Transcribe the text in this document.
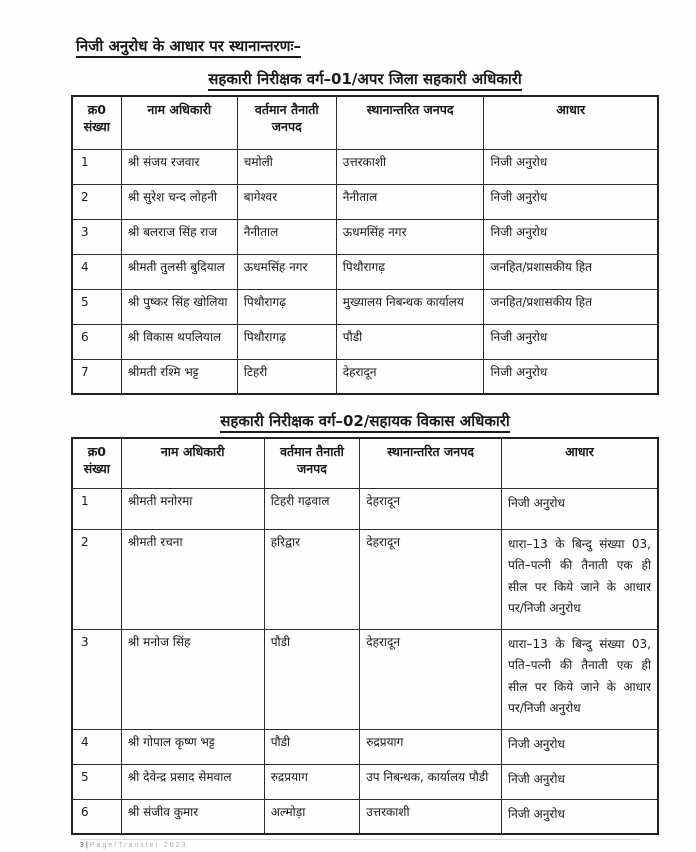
निजी अनुरोध के आधार पर स्थानान्तरणः–
सहकारी निरीक्षक वर्ग–01/अपर जिला सहकारी अधिकारी
क्र0 संख्या	नाम अधिकारी	वर्तमान तैनाती जनपद	स्थानान्तरित जनपद	आधार
1	श्री संजय रजवार	चमोली	उत्तरकाशी	निजी अनुरोध
2	श्री सुरेश चन्द लोहनी	बागेश्वर	नैनीताल	निजी अनुरोध
3	श्री बलराज सिंह राज	नैनीताल	ऊधमसिंह नगर	निजी अनुरोध
4	श्रीमती तुलसी बुदियाल	ऊधमसिंह नगर	पिथौरागढ़	जनहित/प्रशासकीय हित
5	श्री पुष्कर सिंह खोलिया	पिथौरागढ़	मुख्यालय निबन्धक कार्यालय	जनहित/प्रशासकीय हित
6	श्री विकास थपलियाल	पिथौरागढ़	पौडी	निजी अनुरोध
7	श्रीमती रश्मि भट्ट	टिहरी	देहरादून	निजी अनुरोध
सहकारी निरीक्षक वर्ग–02/सहायक विकास अधिकारी
क्र0 संख्या	नाम अधिकारी	वर्तमान तैनाती जनपद	स्थानान्तरित जनपद	आधार
1	श्रीमती मनोरमा	टिहरी गढ़वाल	देहरादून	निजी अनुरोध
2	श्रीमती रचना	हरिद्वार	देहरादून	धारा–13 के बिन्दु संख्या 03, पति–पत्नी की तैनाती एक ही सील पर किये जाने के आधार पर/निजी अनुरोध
3	श्री मनोज सिंह	पौडी	देहरादून	धारा–13 के बिन्दु संख्या 03, पति–पत्नी की तैनाती एक ही सील पर किये जाने के आधार पर/निजी अनुरोध
4	श्री गोपाल कृष्ण भट्ट	पौडी	रुद्रप्रयाग	निजी अनुरोध
5	श्री देवेन्द्र प्रसाद सेमवाल	रुद्रप्रयाग	उप निबन्धक, कार्यालय पौडी	निजी अनुरोध
6	श्री संजीव कुमार	अल्मोड़ा	उत्तरकाशी	निजी अनुरोध
3|Page/Transfer 2023
